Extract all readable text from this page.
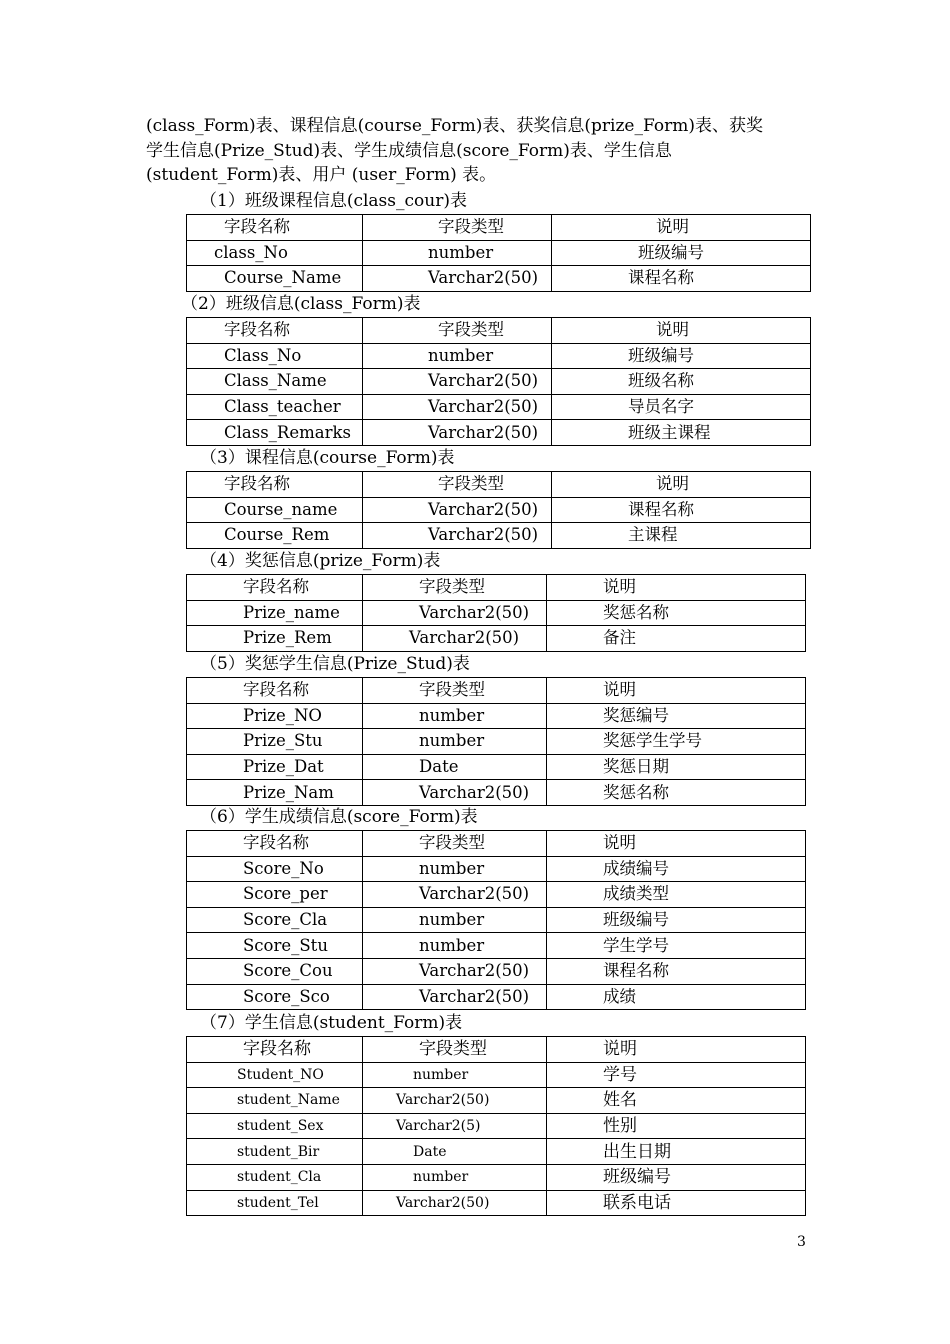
(class_Form)表、课程信息(course_Form)表、获奖信息(prize_Form)表、获奖

学生信息(Prize_Stud)表、学生成绩信息(score_Form)表、学生信息

(student_Form)表、用户 (user_Form) 表。

（1）班级课程信息(class_cour)表
字段名称	字段类型	说明
class_No	number	班级编号
Course_Name	Varchar2(50)	课程名称
（2）班级信息(class_Form)表
字段名称	字段类型	说明
Class_No	number	班级编号
Class_Name	Varchar2(50)	班级名称
Class_teacher	Varchar2(50)	导员名字
Class_Remarks	Varchar2(50)	班级主课程
（3）课程信息(course_Form)表
字段名称	字段类型	说明
Course_name	Varchar2(50)	课程名称
Course_Rem	Varchar2(50)	主课程
（4）奖惩信息(prize_Form)表
字段名称	字段类型	说明
Prize_name	Varchar2(50)	奖惩名称
Prize_Rem	Varchar2(50)	备注
（5）奖惩学生信息(Prize_Stud)表
字段名称	字段类型	说明
Prize_NO	number	奖惩编号
Prize_Stu	number	奖惩学生学号
Prize_Dat	Date	奖惩日期
Prize_Nam	Varchar2(50)	奖惩名称
（6）学生成绩信息(score_Form)表
字段名称	字段类型	说明
Score_No	number	成绩编号
Score_per	Varchar2(50)	成绩类型
Score_Cla	number	班级编号
Score_Stu	number	学生学号
Score_Cou	Varchar2(50)	课程名称
Score_Sco	Varchar2(50)	成绩
（7）学生信息(student_Form)表
字段名称	字段类型	说明
Student_NO	number	学号
student_Name	Varchar2(50)	姓名
student_Sex	Varchar2(5)	性别
student_Bir	Date	出生日期
student_Cla	number	班级编号
student_Tel	Varchar2(50)	联系电话
3
